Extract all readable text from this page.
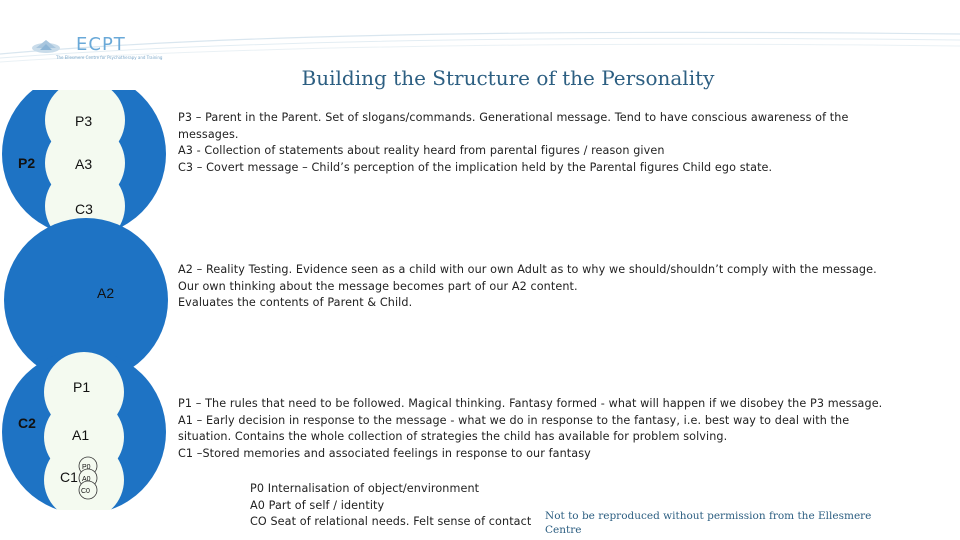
ECPT
The Ellesmere Centre for Psychotherapy and Training
Building the Structure of the Personality
P2
P3
A3
C3
A2
C2
P1
A1
C1
P0
A0
C0
P3 – Parent in the Parent. Set of slogans/commands. Generational message. Tend to have conscious awareness of the
messages.
A3 - Collection of statements about reality heard from parental figures / reason given
C3 – Covert message – Child’s perception of the implication held by the Parental figures Child ego state.
A2 – Reality Testing. Evidence seen as a child with our own Adult as to why we should/shouldn’t comply with the message.
Our own thinking about the message becomes part of our A2 content.
Evaluates the contents of Parent & Child.
P1 – The rules that need to be followed. Magical thinking. Fantasy formed - what will happen if we disobey the P3 message.
A1 – Early decision in response to the message - what we do in response to the fantasy, i.e. best way to deal with the
situation. Contains the whole collection of strategies the child has available for problem solving.
C1 –Stored memories and associated feelings in response to our fantasy
P0 Internalisation of object/environment
A0 Part of self / identity
CO Seat of relational needs. Felt sense of contact	Not to be reproduced without permission from the Ellesmere Centre
